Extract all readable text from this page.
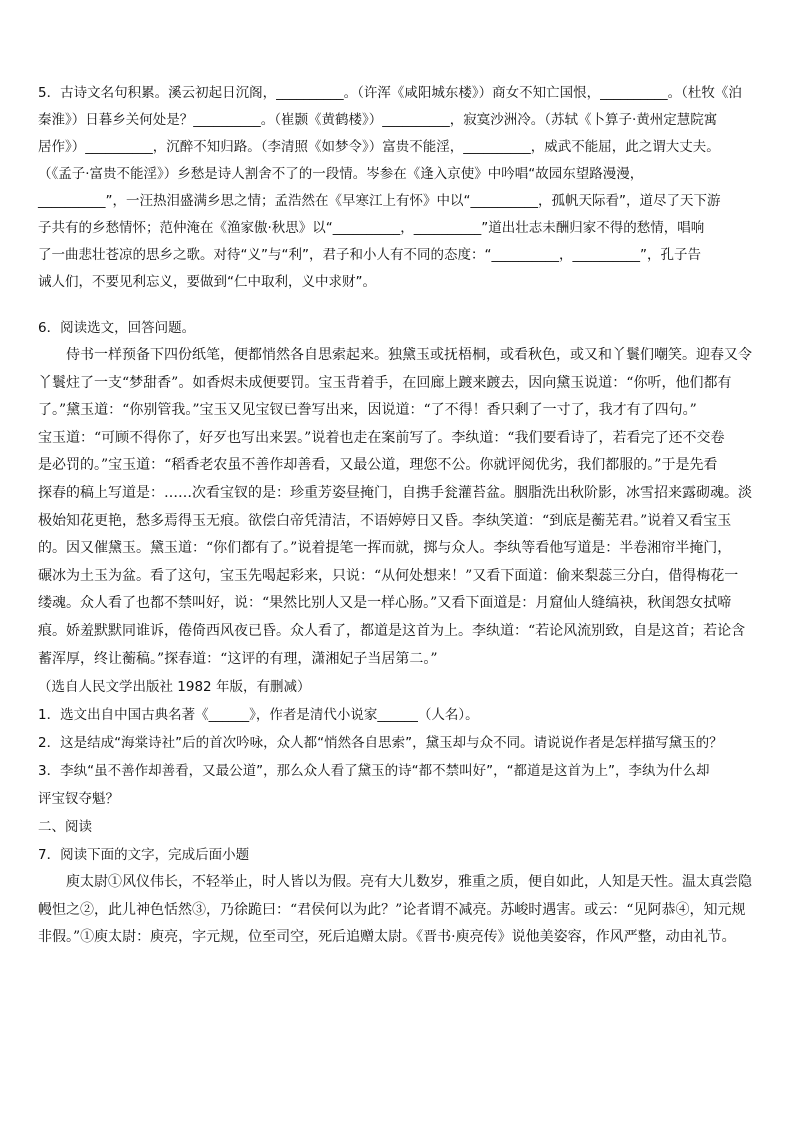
5．古诗文名句积累。溪云初起日沉阁，__________。（许浑《咸阳城东楼》）商女不知亡国恨，__________。（杜牧《泊
秦淮》）日暮乡关何处是？__________。（崔颢《黄鹤楼》）__________，寂寞沙洲冷。（苏轼《卜算子·黄州定慧院寓
居作》）__________，沉醉不知归路。（李清照《如梦令》）富贵不能淫，__________，威武不能屈，此之谓大丈夫。
（《孟子·富贵不能淫》）乡愁是诗人割舍不了的一段情。岑参在《逢入京使》中吟唱“故园东望路漫漫，
__________”，一汪热泪盛满乡思之情；孟浩然在《早寒江上有怀》中以“__________，孤帆天际看”，道尽了天下游
子共有的乡愁情怀；范仲淹在《渔家傲·秋思》以“__________，__________”道出壮志未酬归家不得的愁情，唱响
了一曲悲壮苍凉的思乡之歌。对待“义”与“利”，君子和小人有不同的态度：“__________，__________”，孔子告
诫人们，不要见利忘义，要做到“仁中取利，义中求财”。
6．阅读选文，回答问题。
侍书一样预备下四份纸笔，便都悄然各自思索起来。独黛玉或抚梧桐，或看秋色，或又和丫鬟们嘲笑。迎春又令
丫鬟炷了一支“梦甜香”。如香烬未成便要罚。宝玉背着手，在回廊上踱来踱去，因向黛玉说道：“你听，他们都有
了。”黛玉道：“你别管我。”宝玉又见宝钗已誊写出来，因说道：“了不得！香只剩了一寸了，我才有了四句。”
宝玉道：“可顾不得你了，好歹也写出来罢。”说着也走在案前写了。李纨道：“我们要看诗了，若看完了还不交卷
是必罚的。”宝玉道：“稻香老农虽不善作却善看，又最公道，理您不公。你就评阅优劣，我们都服的。”于是先看
探春的稿上写道是：……次看宝钗的是：珍重芳姿昼掩门，自携手瓮灌苔盆。胭脂洗出秋阶影，冰雪招来露砌魂。淡
极始知花更艳，愁多焉得玉无痕。欲偿白帝凭清洁，不语婷婷日又昏。李纨笑道：“到底是蘅芜君。”说着又看宝玉
的。因又催黛玉。黛玉道：“你们都有了。”说着提笔一挥而就，掷与众人。李纨等看他写道是：半卷湘帘半掩门，
碾冰为土玉为盆。看了这句，宝玉先喝起彩来，只说：“从何处想来！”又看下面道：偷来梨蕊三分白，借得梅花一
缕魂。众人看了也都不禁叫好，说：“果然比别人又是一样心肠。”又看下面道是：月窟仙人缝缟袂，秋闺怨女拭啼
痕。娇羞默默同谁诉，倦倚西风夜已昏。众人看了，都道是这首为上。李纨道：“若论风流别致，自是这首；若论含
蓄浑厚，终让蘅稿。”探春道：“这评的有理，潇湘妃子当居第二。”
（选自人民文学出版社 1982 年版，有删减）
1．选文出自中国古典名著《______》，作者是清代小说家______（人名）。
2．这是结成“海棠诗社”后的首次吟咏，众人都“悄然各自思索”，黛玉却与众不同。请说说作者是怎样描写黛玉的？
3．李纨“虽不善作却善看，又最公道”，那么众人看了黛玉的诗“都不禁叫好”，“都道是这首为上”，李纨为什么却
评宝钗夺魁？
二、阅读
7．阅读下面的文字，完成后面小题
庾太尉①风仪伟长，不轻举止，时人皆以为假。亮有大儿数岁，雅重之质，便自如此，人知是天性。温太真尝隐
幔怛之②，此儿神色恬然③，乃徐跪曰：“君侯何以为此？”论者谓不减亮。苏峻时遇害。或云：“见阿恭④，知元规
非假。”①庾太尉：庾亮，字元规，位至司空，死后追赠太尉。《晋书·庾亮传》说他美姿容，作风严整，动由礼节。
